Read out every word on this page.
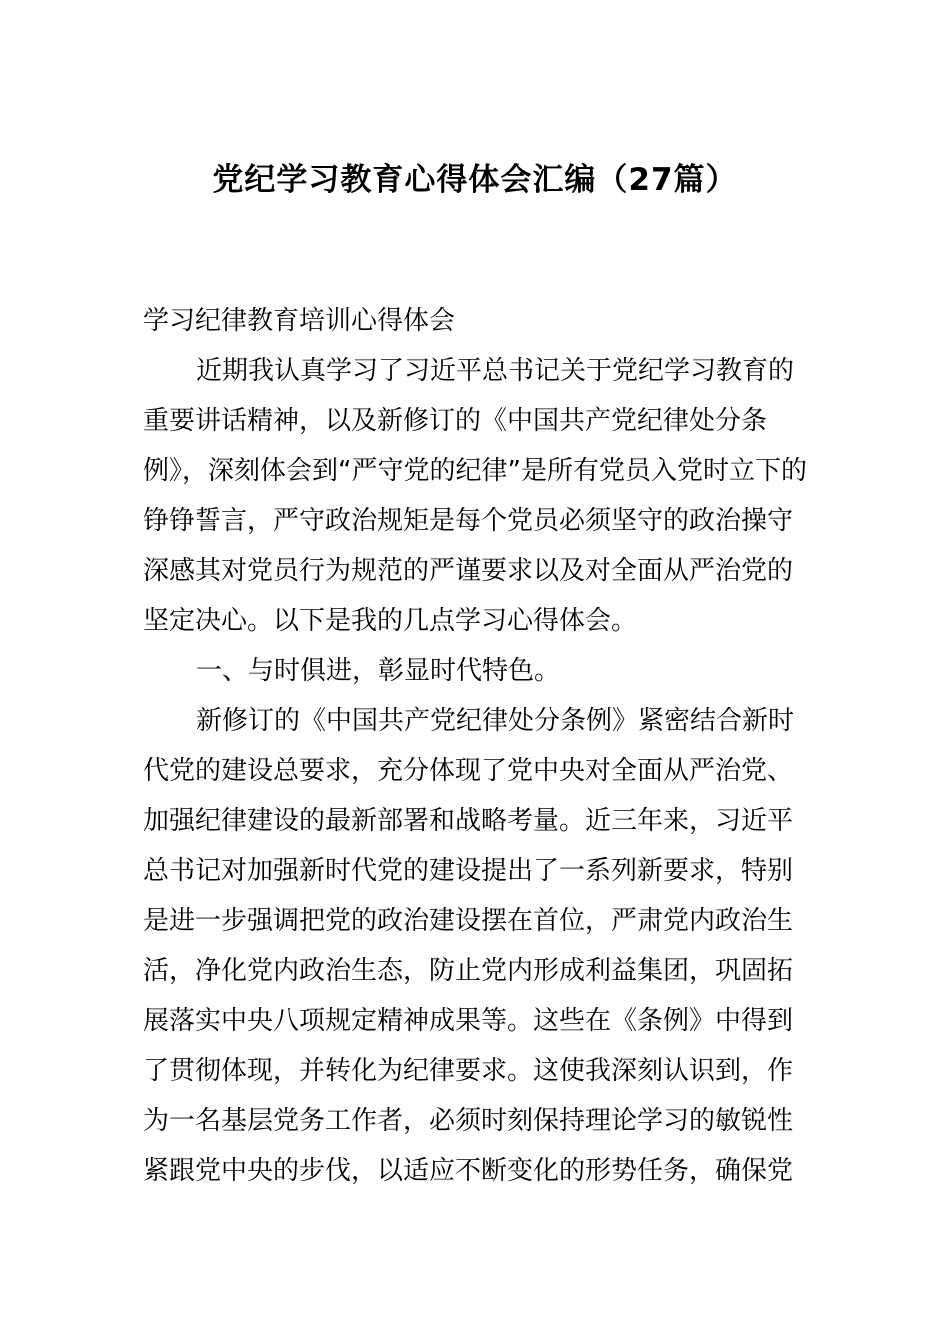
党纪学习教育心得体会汇编（27篇）
学习纪律教育培训心得体会
近期我认真学习了习近平总书记关于党纪学习教育的
重要讲话精神，以及新修订的《中国共产党纪律处分条
例》，深刻体会到“严守党的纪律”是所有党员入党时立下的
铮铮誓言，严守政治规矩是每个党员必须坚守的政治操守
深感其对党员行为规范的严谨要求以及对全面从严治党的
坚定决心。以下是我的几点学习心得体会。
一、与时俱进，彰显时代特色。
新修订的《中国共产党纪律处分条例》紧密结合新时
代党的建设总要求，充分体现了党中央对全面从严治党、
加强纪律建设的最新部署和战略考量。近三年来，习近平
总书记对加强新时代党的建设提出了一系列新要求，特别
是进一步强调把党的政治建设摆在首位，严肃党内政治生
活，净化党内政治生态，防止党内形成利益集团，巩固拓
展落实中央八项规定精神成果等。这些在《条例》中得到
了贯彻体现，并转化为纪律要求。这使我深刻认识到，作
为一名基层党务工作者，必须时刻保持理论学习的敏锐性
紧跟党中央的步伐，以适应不断变化的形势任务，确保党
